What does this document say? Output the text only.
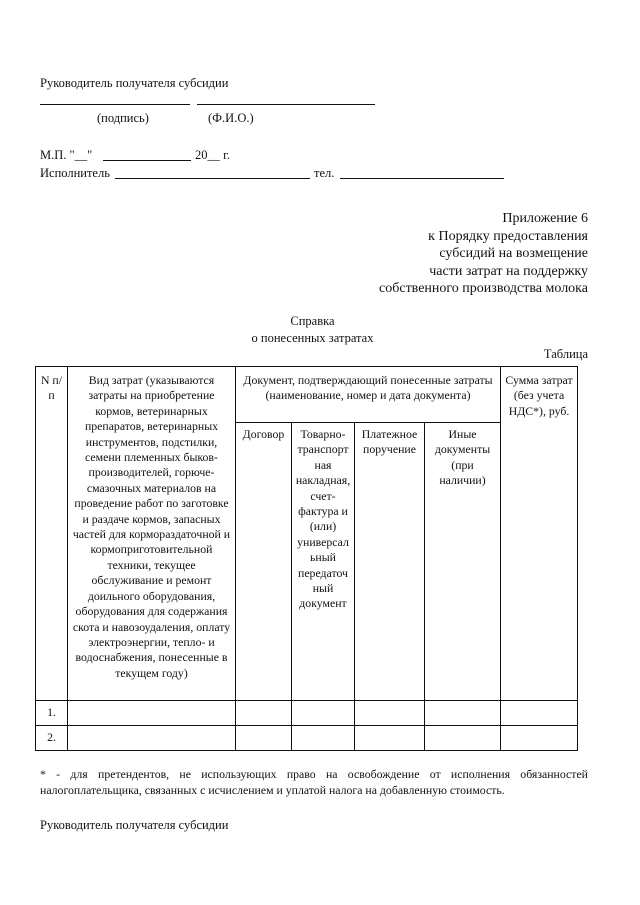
Руководитель получателя субсидии
(подпись)	(Ф.И.О.)
М.П. "__"	20__ г.
Исполнитель	тел.
Приложение 6
к Порядку предоставления
субсидий на возмещение
части затрат на поддержку
собственного производства молока
Справка
о понесенных затратах
Таблица
N п/п	Вид затрат (указываются затраты на приобретение кормов, ветеринарных препаратов, ветеринарных инструментов, подстилки, семени племенных быков-производителей, горюче-смазочных материалов на проведение работ по заготовке и раздаче кормов, запасных частей для кормораздаточной и кормоприготовительной техники, текущее обслуживание и ремонт доильного оборудования, оборудования для содержания скота и навозоудаления, оплату электроэнергии, тепло- и водоснабжения, понесенные в текущем году)	Документ, подтверждающий понесенные затраты (наименование, номер и дата документа)				Сумма затрат (без учета НДС*), руб.
		Договор	Товарно-транспорт ная накладная, счет-фактура и (или) универсал ьный передаточ ный документ	Платежное поручение	Иные документы (при наличии)	
1.						
2.						
* - для претендентов, не использующих право на освобождение от исполнения обязанностей налогоплательщика, связанных с исчислением и уплатой налога на добавленную стоимость.
Руководитель получателя субсидии
